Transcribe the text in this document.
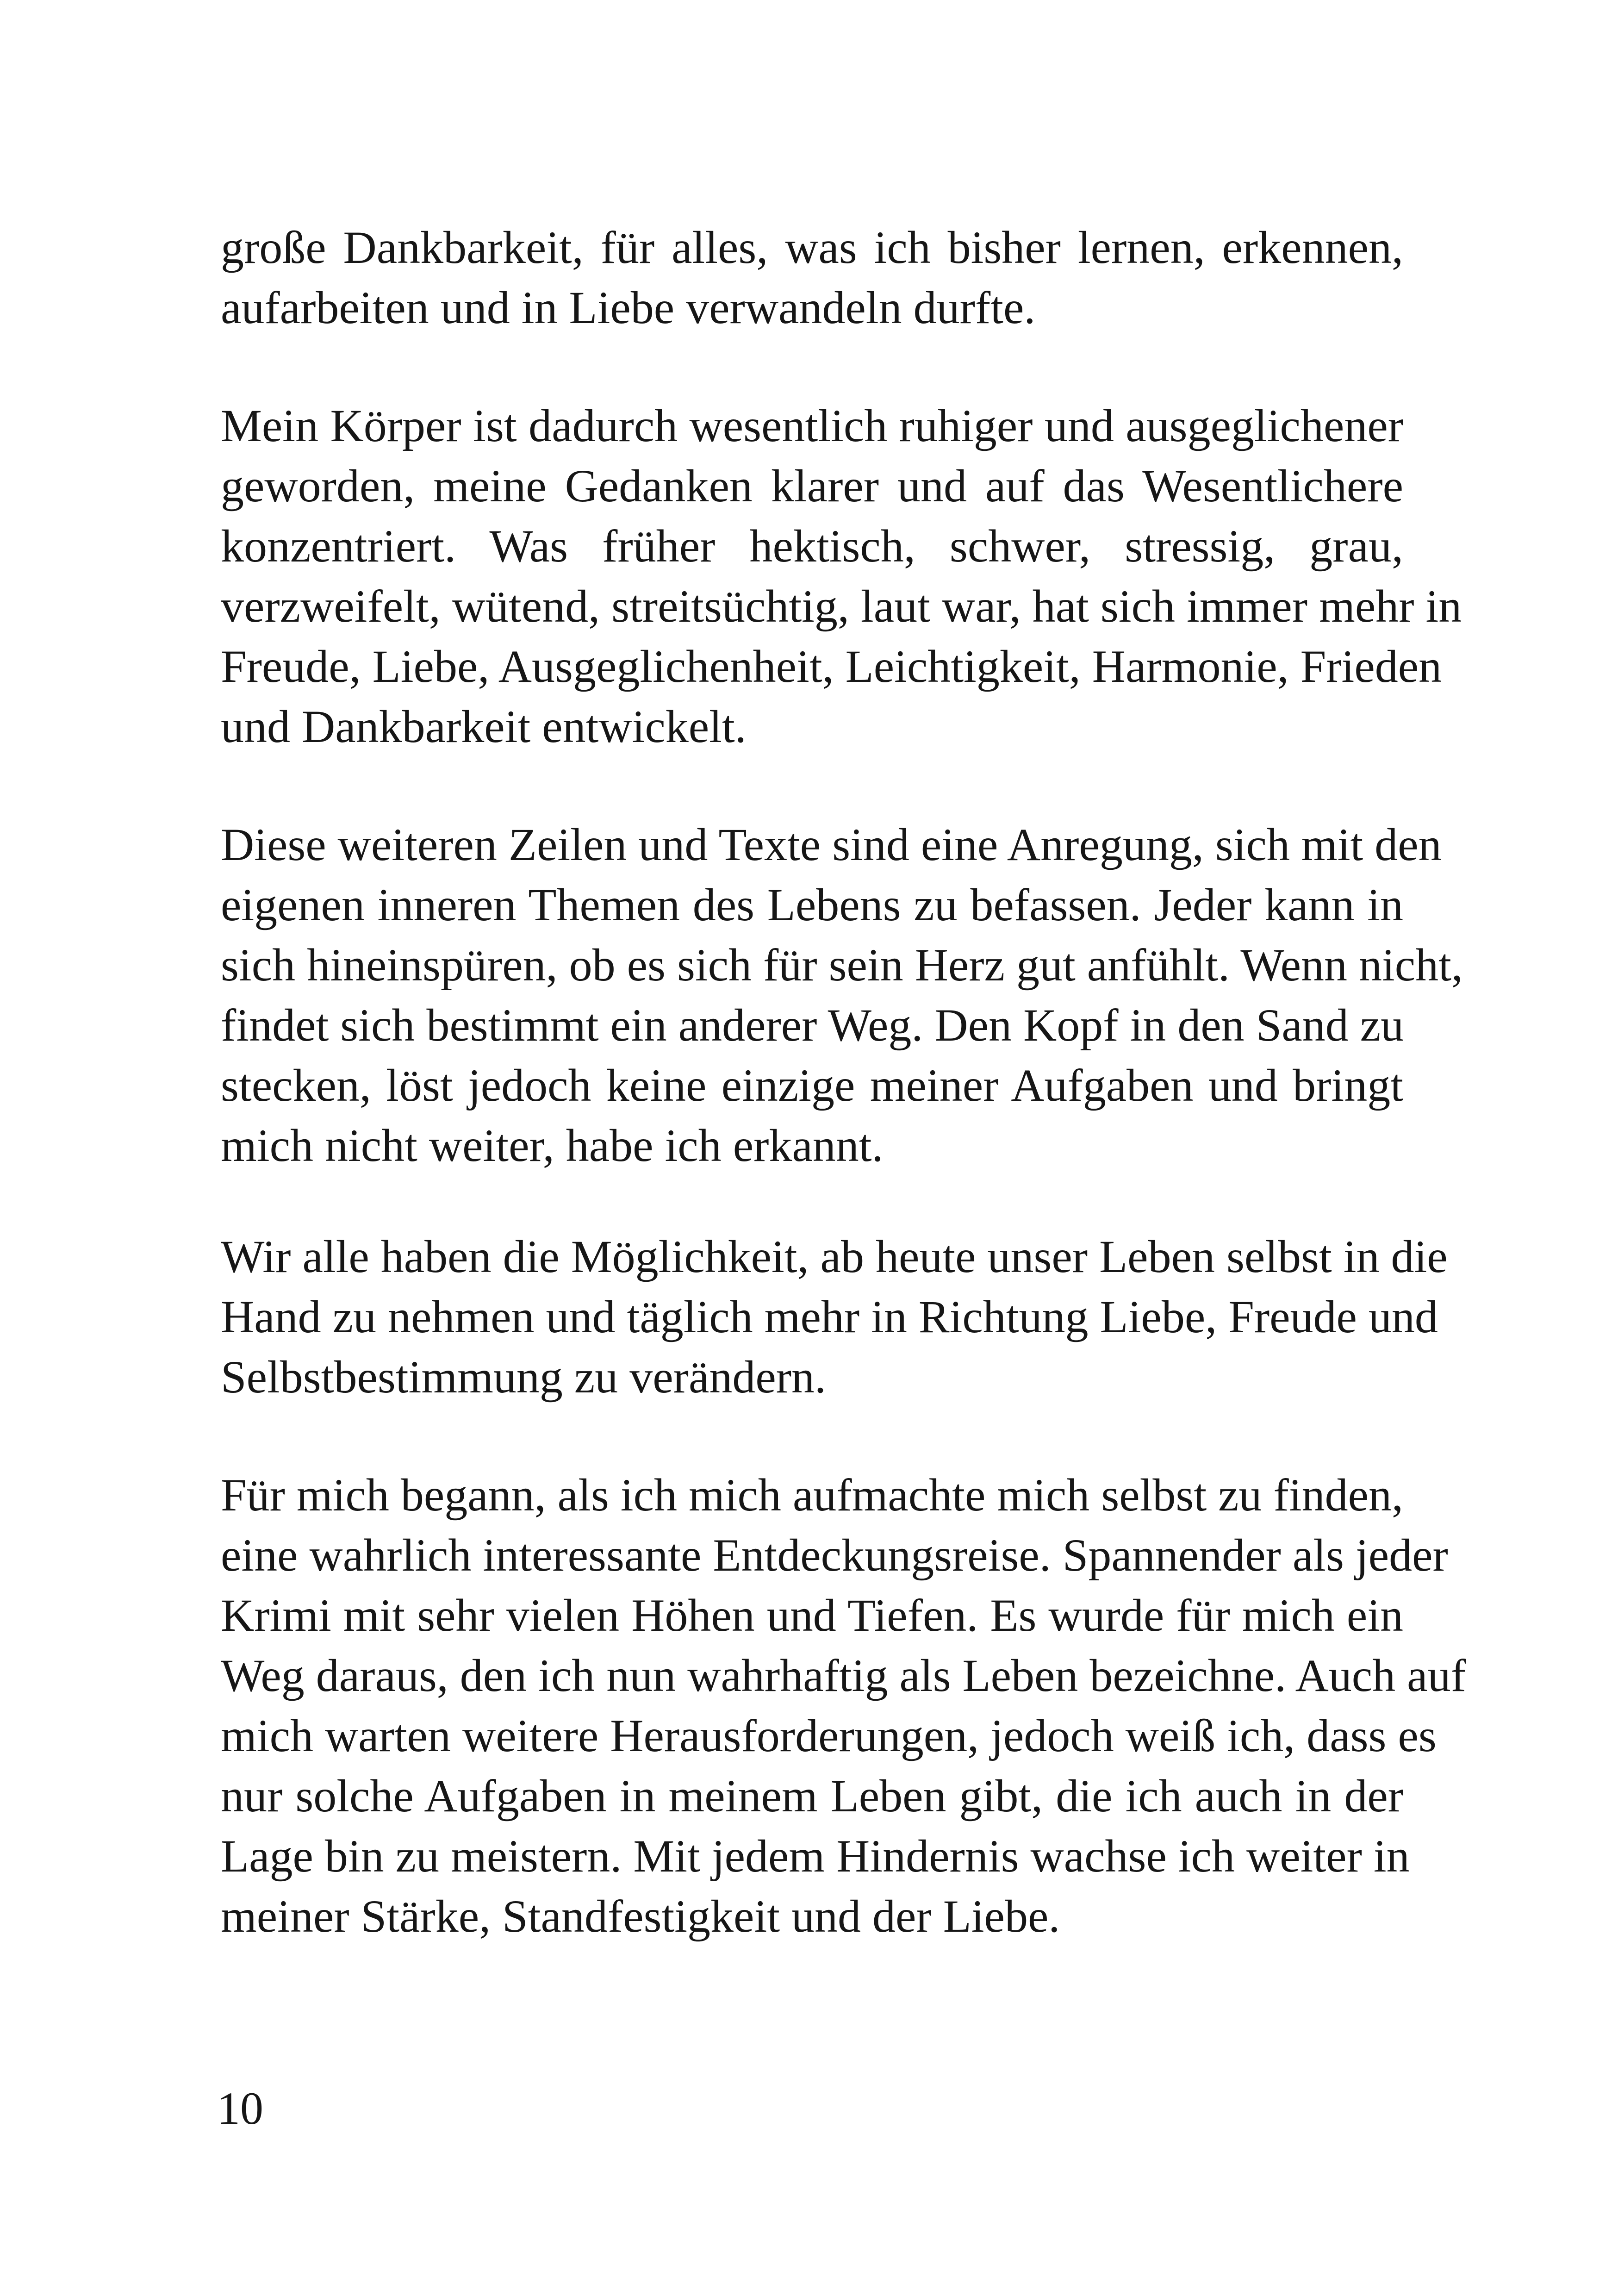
große Dankbarkeit, für alles, was ich bisher lernen, erkennen,
aufarbeiten und in Liebe verwandeln durfte.
Mein Körper ist dadurch wesentlich ruhiger und ausgeglichener
geworden, meine Gedanken klarer und auf das Wesentlichere
konzentriert. Was früher hektisch, schwer, stressig, grau,
verzweifelt, wütend, streitsüchtig, laut war, hat sich immer mehr in
Freude, Liebe, Ausgeglichenheit, Leichtigkeit, Harmonie, Frieden
und Dankbarkeit entwickelt.
Diese weiteren Zeilen und Texte sind eine Anregung, sich mit den
eigenen inneren Themen des Lebens zu befassen. Jeder kann in
sich hineinspüren, ob es sich für sein Herz gut anfühlt. Wenn nicht,
findet sich bestimmt ein anderer Weg. Den Kopf in den Sand zu
stecken, löst jedoch keine einzige meiner Aufgaben und bringt
mich nicht weiter, habe ich erkannt.
Wir alle haben die Möglichkeit, ab heute unser Leben selbst in die
Hand zu nehmen und täglich mehr in Richtung Liebe, Freude und
Selbstbestimmung zu verändern.
Für mich begann, als ich mich aufmachte mich selbst zu finden,
eine wahrlich interessante Entdeckungsreise. Spannender als jeder
Krimi mit sehr vielen Höhen und Tiefen. Es wurde für mich ein
Weg daraus, den ich nun wahrhaftig als Leben bezeichne. Auch auf
mich warten weitere Herausforderungen, jedoch weiß ich, dass es
nur solche Aufgaben in meinem Leben gibt, die ich auch in der
Lage bin zu meistern. Mit jedem Hindernis wachse ich weiter in
meiner Stärke, Standfestigkeit und der Liebe.
10
